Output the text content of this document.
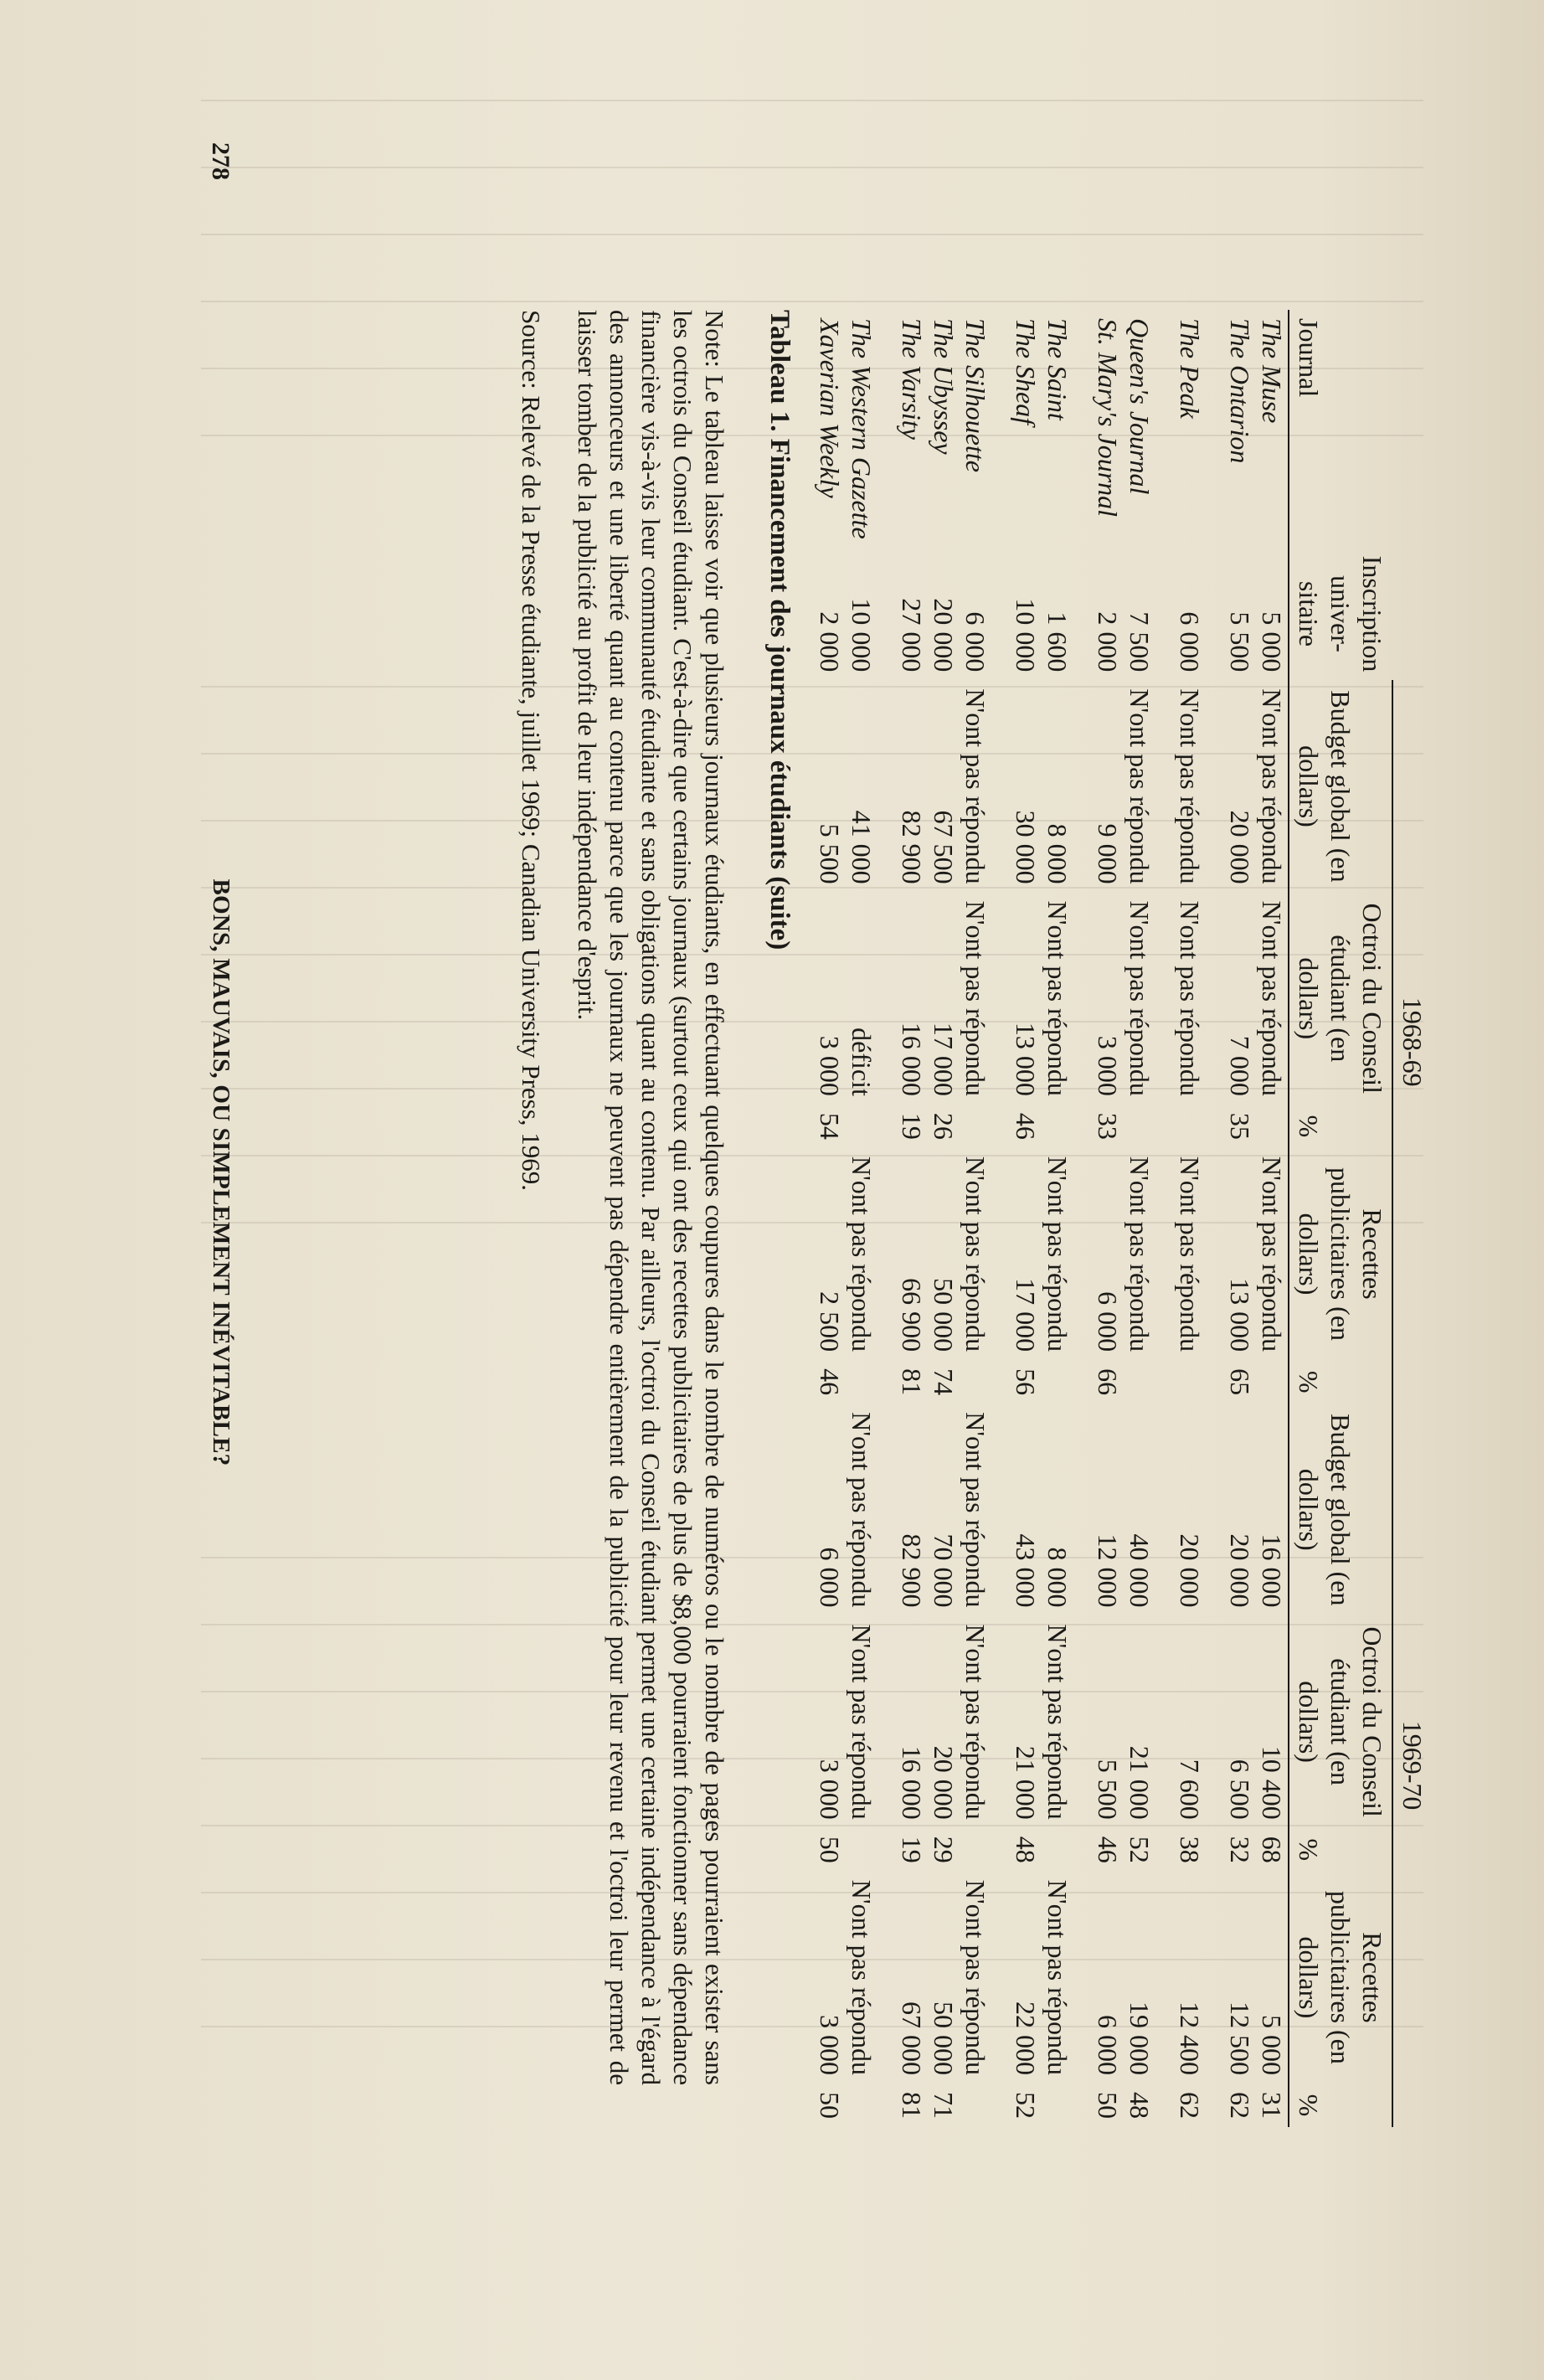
Tableau 1. Financement des journaux étudiants (suite)Journal	Inscription univer-sitaire	1968-69					1969-70				
		Budget global (en dollars)	Octroi du Conseil étudiant (en dollars)	%	Recettes publicitaires (en dollars)	%	Budget global (en dollars)	Octroi du Conseil étudiant (en dollars)	%	Recettes publicitaires (en dollars)	%
The Muse	5 000	N'ont pas répondu	N'ont pas répondu		N'ont pas répondu		16 000	10 400	68	5 000	31
The Ontarion	5 500	20 000	7 000	35	13 000	65	20 000	6 500	32	12 500	62

The Peak	6 000	N'ont pas répondu	N'ont pas répondu		N'ont pas répondu		20 000	7 600	38	12 400	62

Queen's Journal	7 500	N'ont pas répondu	N'ont pas répondu		N'ont pas répondu		40 000	21 000	52	19 000	48
St. Mary's Journal	2 000	9 000	3 000	33	6 000	66	12 000	5 500	46	6 000	50

The Saint	1 600	8 000	N'ont pas répondu		N'ont pas répondu		8 000	N'ont pas répondu		N'ont pas répondu	
The Sheaf	10 000	30 000	13 000	46	17 000	56	43 000	21 000	48	22 000	52

The Silhouette	6 000	N'ont pas répondu	N'ont pas répondu		N'ont pas répondu		N'ont pas répondu	N'ont pas répondu		N'ont pas répondu	
The Ubyssey	20 000	67 500	17 000	26	50 000	74	70 000	20 000	29	50 000	71
The Varsity	27 000	82 900	16 000	19	66 900	81	82 900	16 000	19	67 000	81

The Western Gazette	10 000	41 000	déficit		N'ont pas répondu		N'ont pas répondu	N'ont pas répondu		N'ont pas répondu	
Xaverian Weekly	2 000	5 500	3 000	54	2 500	46	6 000	3 000	50	3 000	50
Note: Le tableau laisse voir que plusieurs journaux étudiants, en effectuant quelques coupures dans le nombre de numéros ou le nombre de pages pourraient exister sans les octrois du Conseil étudiant. C'est-à-dire que certains journaux (surtout ceux qui ont des recettes publicitaires de plus de $8,000 pourraient fonctionner sans dépendance financière vis-à-vis leur communauté étudiante et sans obligations quant au contenu. Par ailleurs, l'octroi du Conseil étudiant permet une certaine indépendance à l'égard des annonceurs et une liberté quant au contenu parce que les journaux ne peuvent pas dépendre entièrement de la publicité pour leur revenu et l'octroi leur permet de laisser tomber de la publicité au profit de leur indépendance d'esprit.
Source: Relevé de la Presse étudiante, juillet 1969; Canadian University Press, 1969.
278
BONS, MAUVAIS, OU SIMPLEMENT INÉVITABLE?
